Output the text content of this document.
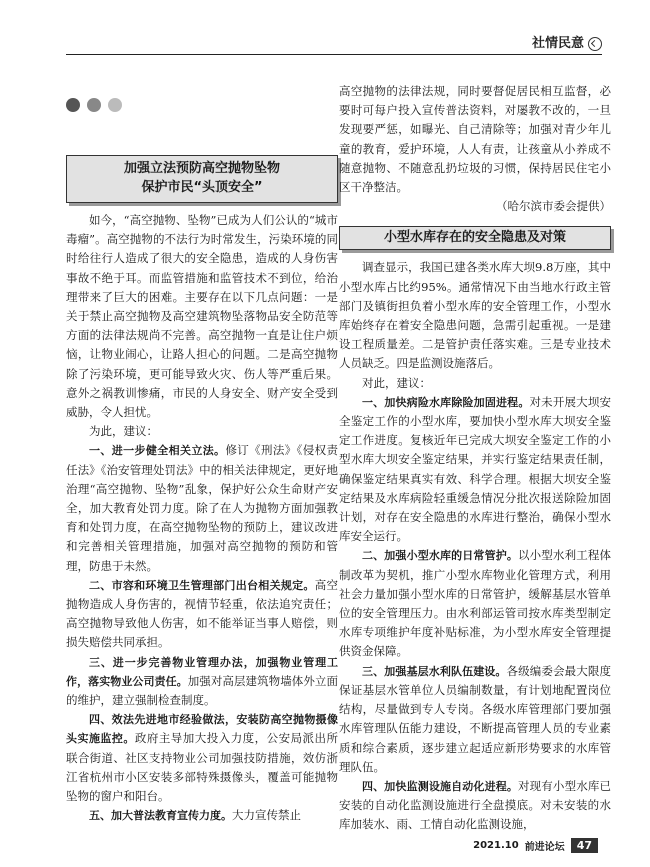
社情民意
加强立法预防高空抛物坠物
保护市民“头顶安全”

如今，“高空抛物、坠物”已成为人们公认的“城市毒瘤”。高空抛物的不法行为时常发生，污染环境的同时给往行人造成了很大的安全隐患，造成的人身伤害事故不绝于耳。而监管措施和监管技术不到位，给治理带来了巨大的困难。主要存在以下几点问题：一是关于禁止高空抛物及高空建筑物坠落物品安全防范等方面的法律法规尚不完善。高空抛物一直是让住户烦恼，让物业闹心，让路人担心的问题。二是高空抛物除了污染环境，更可能导致火灾、伤人等严重后果。意外之祸教训惨痛，市民的人身安全、财产安全受到威胁，令人担忧。

为此，建议：

一、进一步健全相关立法。修订《刑法》《侵权责任法》《治安管理处罚法》中的相关法律规定，更好地治理“高空抛物、坠物”乱象，保护好公众生命财产安全，加大教育处罚力度。除了在人为抛物方面加强教育和处罚力度，在高空抛物坠物的预防上，建议改进和完善相关管理措施，加强对高空抛物的预防和管理，防患于未然。

二、市容和环境卫生管理部门出台相关规定。高空抛物造成人身伤害的，视情节轻重，依法追究责任；高空抛物导致他人伤害，如不能举证当事人赔偿，则损失赔偿共同承担。

三、进一步完善物业管理办法，加强物业管理工作，落实物业公司责任。加强对高层建筑物墙体外立面的维护，建立强制检查制度。

四、效法先进地市经验做法，安装防高空抛物摄像头实施监控。政府主导加大投入力度，公安局派出所联合街道、社区支持物业公司加强技防措施，效仿浙江省杭州市小区安装多部特殊摄像头，覆盖可能抛物坠物的窗户和阳台。

五、加大普法教育宣传力度。大力宣传禁止

高空抛物的法律法规，同时要督促居民相互监督，必要时可每户投入宣传普法资料，对屡教不改的，一旦发现要严惩，如曝光、自己清除等；加强对青少年儿童的教育，爱护环境，人人有责，让孩童从小养成不随意抛物、不随意乱扔垃圾的习惯，保持居民住宅小区干净整洁。

（哈尔滨市委会提供）

小型水库存在的安全隐患及对策

调查显示，我国已建各类水库大坝9.8万座，其中小型水库占比约95%。通常情况下由当地水行政主管部门及镇街担负着小型水库的安全管理工作，小型水库始终存在着安全隐患问题，急需引起重视。一是建设工程质量差。二是管护责任落实难。三是专业技术人员缺乏。四是监测设施落后。

对此，建议：

一、加快病险水库除险加固进程。对未开展大坝安全鉴定工作的小型水库，要加快小型水库大坝安全鉴定工作进度。复核近年已完成大坝安全鉴定工作的小型水库大坝安全鉴定结果，并实行鉴定结果责任制，确保鉴定结果真实有效、科学合理。根据大坝安全鉴定结果及水库病险轻重缓急情况分批次报送除险加固计划，对存在安全隐患的水库进行整治，确保小型水库安全运行。

二、加强小型水库的日常管护。以小型水利工程体制改革为契机，推广小型水库物业化管理方式，利用社会力量加强小型水库的日常管护，缓解基层水管单位的安全管理压力。由水利部运管司按水库类型制定水库专项维护年度补贴标准，为小型水库安全管理提供资金保障。

三、加强基层水利队伍建设。各级编委会最大限度保证基层水管单位人员编制数量，有计划地配置岗位结构，尽量做到专人专岗。各级水库管理部门要加强水库管理队伍能力建设，不断提高管理人员的专业素质和综合素质，逐步建立起适应新形势要求的水库管理队伍。

四、加快监测设施自动化进程。对现有小型水库已安装的自动化监测设施进行全盘摸底。对未安装的水库加装水、雨、工情自动化监测设施，

2021.10 前进论坛	47
